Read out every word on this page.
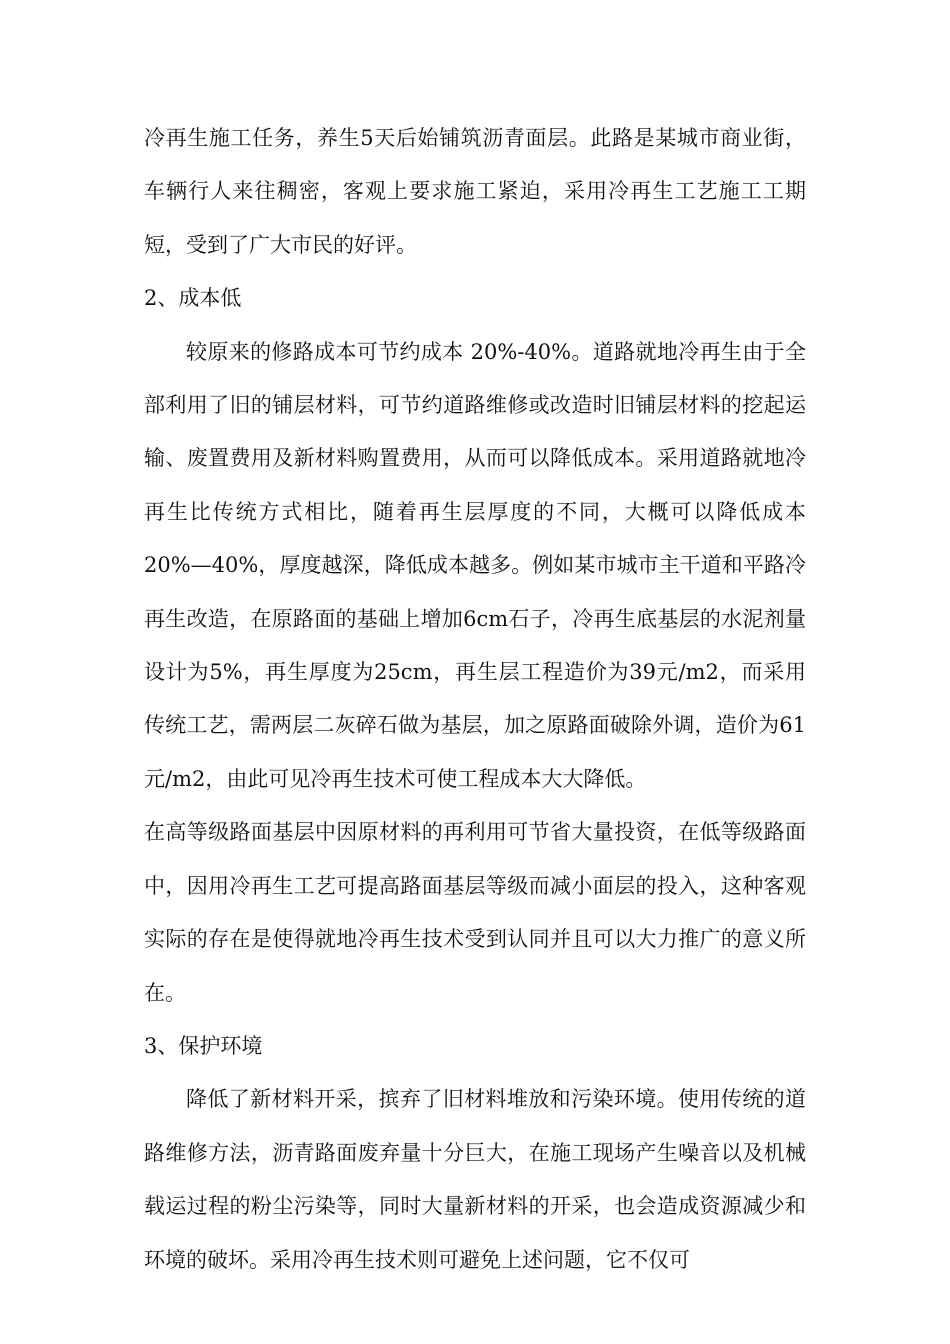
冷再生施工任务，养生5天后始铺筑沥青面层。此路是某城市商业街，车辆行人来往稠密，客观上要求施工紧迫，采用冷再生工艺施工工期短，受到了广大市民的好评。

2、成本低

较原来的修路成本可节约成本 20%-40%。道路就地冷再生由于全部利用了旧的铺层材料，可节约道路维修或改造时旧铺层材料的挖起运输、废置费用及新材料购置费用，从而可以降低成本。采用道路就地冷再生比传统方式相比，随着再生层厚度的不同，大概可以降低成本 20%—40%，厚度越深，降低成本越多。例如某市城市主干道和平路冷再生改造，在原路面的基础上增加6cm石子，冷再生底基层的水泥剂量设计为5%，再生厚度为25cm，再生层工程造价为39元/m2，而采用传统工艺，需两层二灰碎石做为基层，加之原路面破除外调，造价为61元/m2，由此可见冷再生技术可使工程成本大大降低。

在高等级路面基层中因原材料的再利用可节省大量投资，在低等级路面中，因用冷再生工艺可提高路面基层等级而减小面层的投入，这种客观实际的存在是使得就地冷再生技术受到认同并且可以大力推广的意义所在。

3、保护环境

降低了新材料开采，摈弃了旧材料堆放和污染环境。使用传统的道路维修方法，沥青路面废弃量十分巨大，在施工现场产生噪音以及机械载运过程的粉尘污染等，同时大量新材料的开采，也会造成资源减少和环境的破坏。采用冷再生技术则可避免上述问题，它不仅可
